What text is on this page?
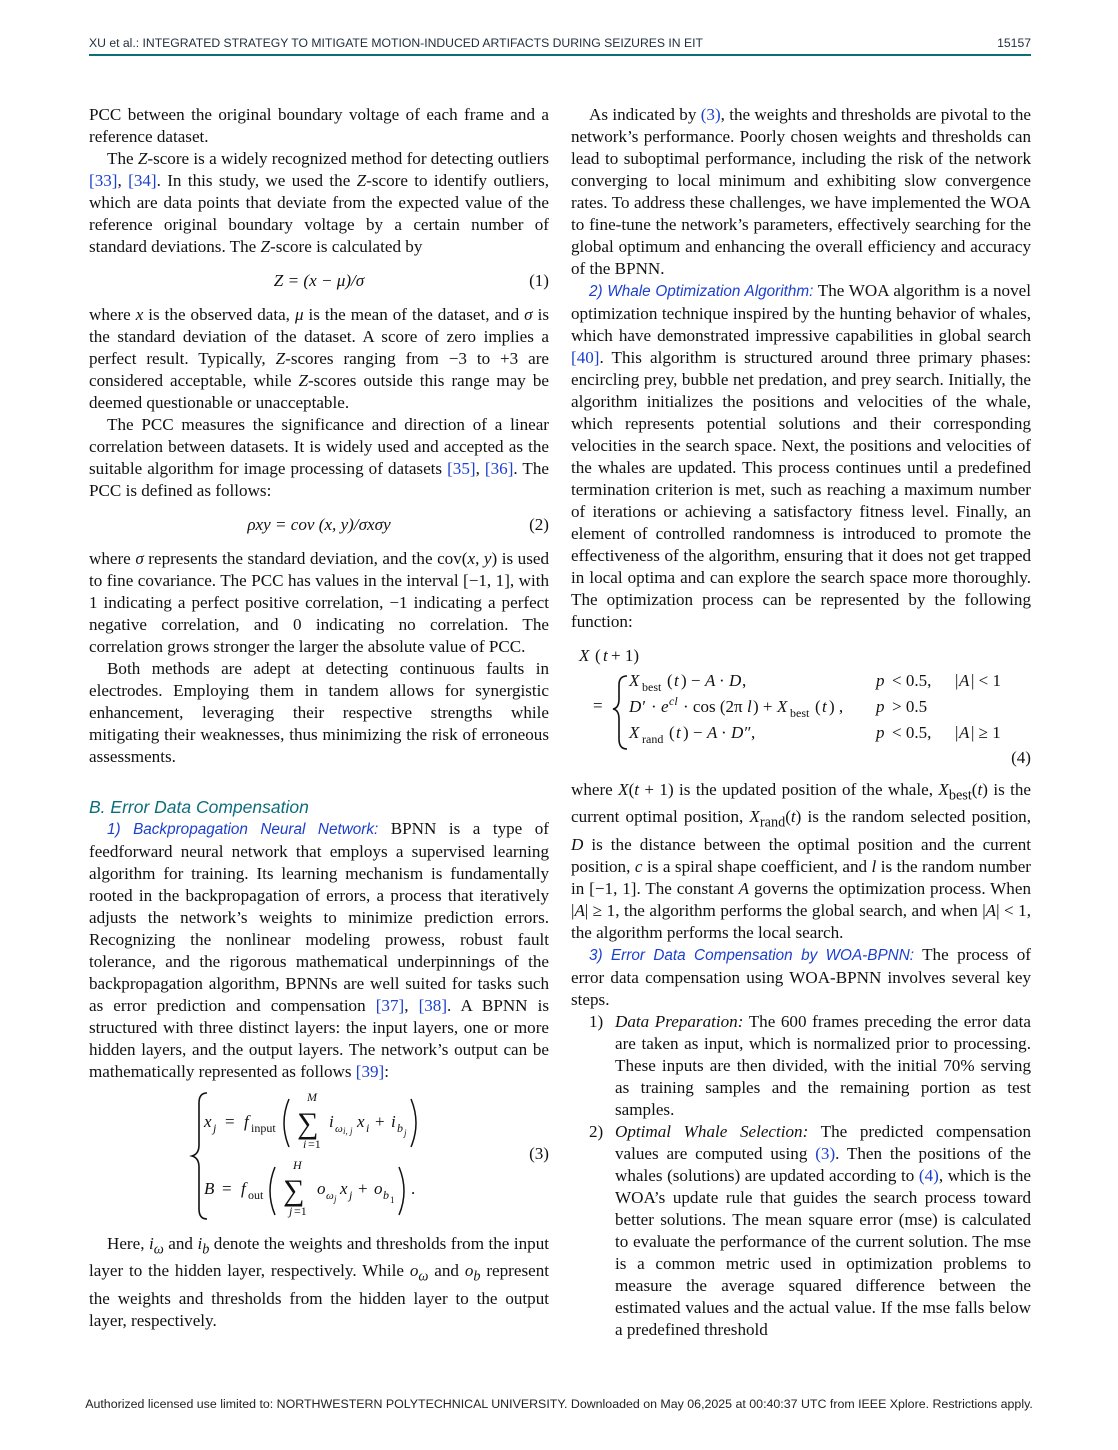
XU et al.: INTEGRATED STRATEGY TO MITIGATE MOTION-INDUCED ARTIFACTS DURING SEIZURES IN EIT	15157

PCC between the original boundary voltage of each frame and a reference dataset.

The Z-score is a widely recognized method for detecting outliers [33], [34]. In this study, we used the Z-score to identify outliers, which are data points that deviate from the expected value of the reference original boundary voltage by a certain number of standard deviations. The Z-score is calculated by

Z = (x − μ)/σ	(1)

where x is the observed data, μ is the mean of the dataset, and σ is the standard deviation of the dataset. A score of zero implies a perfect result. Typically, Z-scores ranging from −3 to +3 are considered acceptable, while Z-scores outside this range may be deemed questionable or unacceptable.

The PCC measures the significance and direction of a linear correlation between datasets. It is widely used and accepted as the suitable algorithm for image processing of datasets [35], [36]. The PCC is defined as follows:

ρxy = cov (x, y)/σxσy	(2)

where σ represents the standard deviation, and the cov(x, y) is used to fine covariance. The PCC has values in the interval [−1, 1], with 1 indicating a perfect positive correlation, −1 indicating a perfect negative correlation, and 0 indicating no correlation. The correlation grows stronger the larger the absolute value of PCC.

Both methods are adept at detecting continuous faults in electrodes. Employing them in tandem allows for synergistic enhancement, leveraging their respective strengths while mitigating their weaknesses, thus minimizing the risk of erroneous assessments.

B. Error Data Compensation

1) Backpropagation Neural Network: BPNN is a type of feedforward neural network that employs a supervised learning algorithm for training. Its learning mechanism is fundamentally rooted in the backpropagation of errors, a process that iteratively adjusts the network’s weights to minimize prediction errors. Recognizing the nonlinear modeling prowess, robust fault tolerance, and the rigorous mathematical underpinnings of the backpropagation algorithm, BPNNs are well suited for tasks such as error prediction and compensation [37], [38]. A BPNN is structured with three distinct layers: the input layers, one or more hidden layers, and the output layers. The network’s output can be mathematically represented as follows [39]:

x j = f input
M
∑
i =1
i ω i, j x i + i b j
B = f out
H
∑
j =1
o ω j
x j + o b 1
.
(3)

Here, $i_\omega$ and $i_b$ denote the weights and thresholds from the input layer to the hidden layer, respectively. While $o_\omega$ and $o_b$ represent the weights and thresholds from the hidden layer to the output layer, respectively.

As indicated by (3), the weights and thresholds are pivotal to the network’s performance. Poorly chosen weights and thresholds can lead to suboptimal performance, including the risk of the network converging to local minimum and exhibiting slow convergence rates. To address these challenges, we have implemented the WOA to fine-tune the network’s parameters, effectively searching for the global optimum and enhancing the overall efficiency and accuracy of the BPNN.

2) Whale Optimization Algorithm: The WOA algorithm is a novel optimization technique inspired by the hunting behavior of whales, which have demonstrated impressive capabilities in global search [40]. This algorithm is structured around three primary phases: encircling prey, bubble net predation, and prey search. Initially, the algorithm initializes the positions and velocities of the whale, which represents potential solutions and their corresponding velocities in the search space. Next, the positions and velocities of the whales are updated. This process continues until a predefined termination criterion is met, such as reaching a maximum number of iterations or achieving a satisfactory fitness level. Finally, an element of controlled randomness is introduced to promote the effectiveness of the algorithm, ensuring that it does not get trapped in local optima and can explore the search space more thoroughly. The optimization process can be represented by the following function:

X ( t + 1)
=
X best ( t ) − A · D ,
D′ · e cl · cos (2π l ) + X best ( t ) ,
X rand ( t ) − A · D″ ,
p < 0.5, | A | < 1
p > 0.5
p < 0.5, | A | ≥ 1
(4)

where X(t + 1) is the updated position of the whale, $X_{best}(t)$ is the current optimal position, $X_{rand}(t)$ is the random selected position, D is the distance between the optimal position and the current position, c is a spiral shape coefficient, and l is the random number in [−1, 1]. The constant A governs the optimization process. When |A| ≥ 1, the algorithm performs the global search, and when |A| < 1, the algorithm performs the local search.

3) Error Data Compensation by WOA-BPNN: The process of error data compensation using WOA-BPNN involves several key steps.

1) Data Preparation: The 600 frames preceding the error data are taken as input, which is normalized prior to processing. These inputs are then divided, with the initial 70% serving as training samples and the remaining portion as test samples.
2) Optimal Whale Selection: The predicted compensation values are computed using (3). Then the positions of the whales (solutions) are updated according to (4), which is the WOA’s update rule that guides the search process toward better solutions. The mean square error (mse) is calculated to evaluate the performance of the current solution. The mse is a common metric used in optimization problems to measure the average squared difference between the estimated values and the actual value. If the mse falls below a predefined threshold
Authorized licensed use limited to: NORTHWESTERN POLYTECHNICAL UNIVERSITY. Downloaded on May 06,2025 at 00:40:37 UTC from IEEE Xplore. Restrictions apply.
